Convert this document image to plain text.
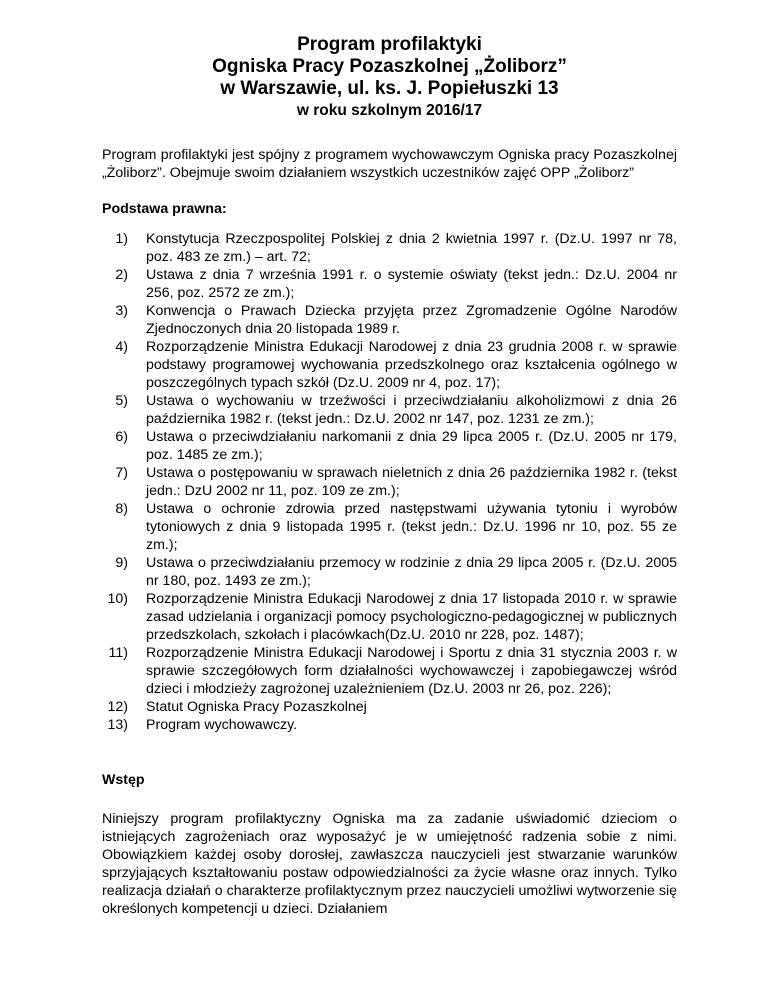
Program profilaktyki

Ogniska Pracy Pozaszkolnej „Żoliborz”

w Warszawie, ul. ks. J. Popiełuszki 13

w roku szkolnym 2016/17

Program profilaktyki jest spójny z programem wychowawczym Ogniska pracy Pozaszkolnej „Żoliborz”. Obejmuje swoim działaniem wszystkich uczestników zajęć OPP „Żoliborz”

Podstawa prawna:

1)	Konstytucja Rzeczpospolitej Polskiej z dnia 2 kwietnia 1997 r. (Dz.U. 1997 nr 78, poz. 483 ze zm.) – art. 72;
2)	Ustawa z dnia 7 września 1991 r. o systemie oświaty (tekst jedn.: Dz.U. 2004 nr 256, poz. 2572 ze zm.);
3)	Konwencja o Prawach Dziecka przyjęta przez Zgromadzenie Ogólne Narodów Zjednoczonych dnia 20 listopada 1989 r.
4)	Rozporządzenie Ministra Edukacji Narodowej z dnia 23 grudnia 2008 r. w sprawie podstawy programowej wychowania przedszkolnego oraz kształcenia ogólnego w poszczególnych typach szkół (Dz.U. 2009 nr 4, poz. 17);
5)	Ustawa o wychowaniu w trzeźwości i przeciwdziałaniu alkoholizmowi z dnia 26 października 1982 r. (tekst jedn.: Dz.U. 2002 nr 147, poz. 1231 ze zm.);
6)	Ustawa o przeciwdziałaniu narkomanii z dnia 29 lipca 2005 r. (Dz.U. 2005 nr 179, poz. 1485 ze zm.);
7)	Ustawa o postępowaniu w sprawach nieletnich z dnia 26 października 1982 r. (tekst jedn.: DzU 2002 nr 11, poz. 109 ze zm.);
8)	Ustawa o ochronie zdrowia przed następstwami używania tytoniu i wyrobów tytoniowych z dnia 9 listopada 1995 r. (tekst jedn.: Dz.U. 1996 nr 10, poz. 55 ze zm.);
9)	Ustawa o przeciwdziałaniu przemocy w rodzinie z dnia 29 lipca 2005 r. (Dz.U. 2005 nr 180, poz. 1493 ze zm.);
10)	Rozporządzenie Ministra Edukacji Narodowej z dnia 17 listopada 2010 r. w sprawie zasad udzielania i organizacji pomocy psychologiczno-pedagogicznej w publicznych przedszkolach, szkołach i placówkach(Dz.U. 2010 nr 228, poz. 1487);
11)	Rozporządzenie Ministra Edukacji Narodowej i Sportu z dnia 31 stycznia 2003 r. w sprawie szczegółowych form działalności wychowawczej i zapobiegawczej wśród dzieci i młodzieży zagrożonej uzależnieniem (Dz.U. 2003 nr 26, poz. 226);
12)	Statut Ogniska Pracy Pozaszkolnej
13)	Program wychowawczy.

Wstęp

Niniejszy program profilaktyczny Ogniska ma za zadanie uświadomić dzieciom o istniejących zagrożeniach oraz wyposażyć je w umiejętność radzenia sobie z nimi. Obowiązkiem każdej osoby dorosłej, zawłaszcza nauczycieli jest stwarzanie warunków sprzyjających kształtowaniu postaw odpowiedzialności za życie własne oraz innych. Tylko realizacja działań o charakterze profilaktycznym przez nauczycieli umożliwi wytworzenie się określonych kompetencji u dzieci. Działaniem
